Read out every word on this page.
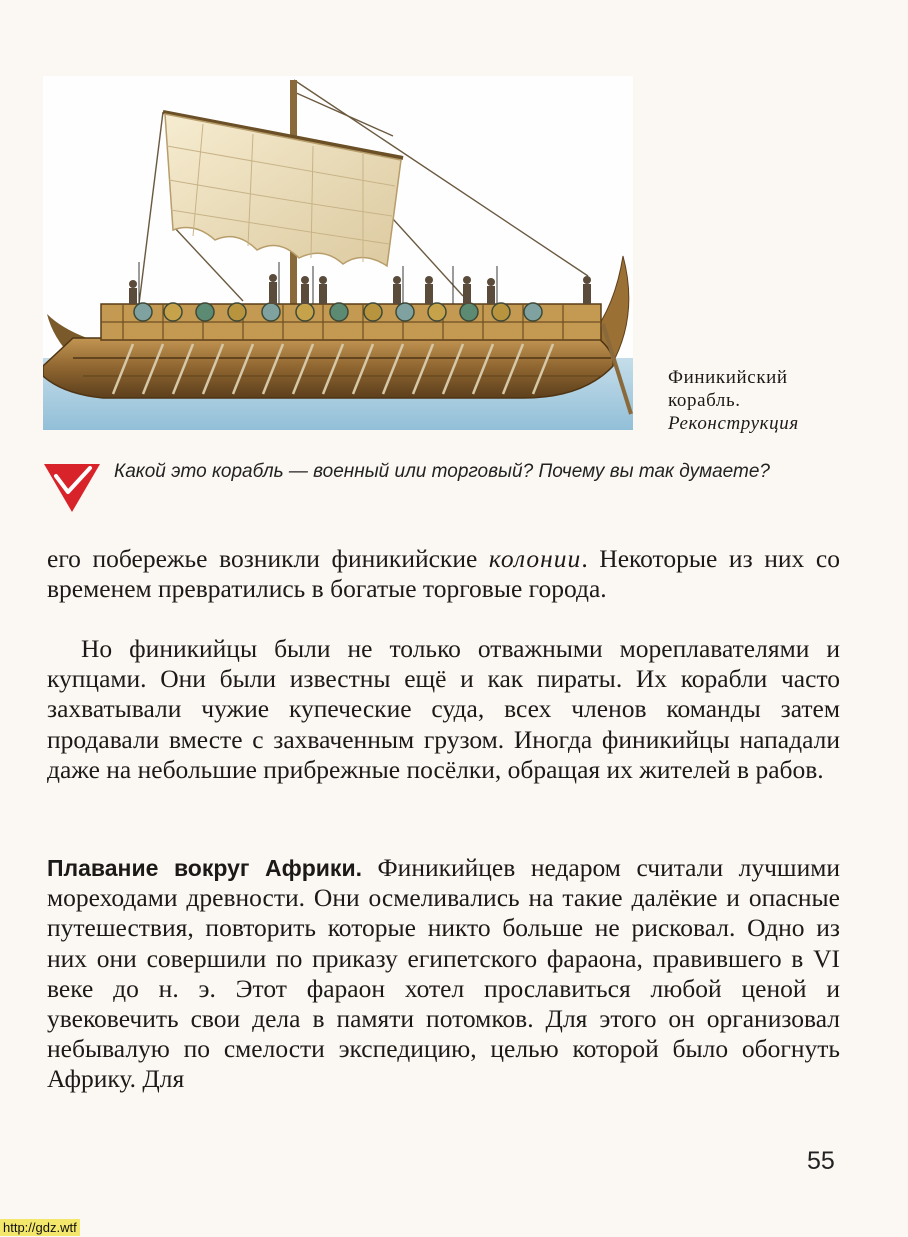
Финикийский
корабль.
Реконструкция
Какой это корабль — военный или торговый? Почему вы так думаете?
его побережье возникли финикийские колонии. Некоторые из них со временем превратились в богатые торговые города.
Но финикийцы были не только отважными мореплавателями и купцами. Они были известны ещё и как пираты. Их корабли часто захватывали чужие купеческие суда, всех членов команды затем продавали вместе с захваченным грузом. Иногда финикийцы нападали даже на небольшие прибрежные посёлки, обращая их жителей в рабов.
Плавание вокруг Африки. Финикийцев недаром считали лучшими мореходами древности. Они осмеливались на такие далёкие и опасные путешествия, повторить которые никто больше не рисковал. Одно из них они совершили по приказу египетского фараона, правившего в VI веке до н. э. Этот фараон хотел прославиться любой ценой и увековечить свои дела в памяти потомков. Для этого он организовал небывалую по смелости экспедицию, целью которой было обогнуть Африку. Для
55
http://gdz.wtf
